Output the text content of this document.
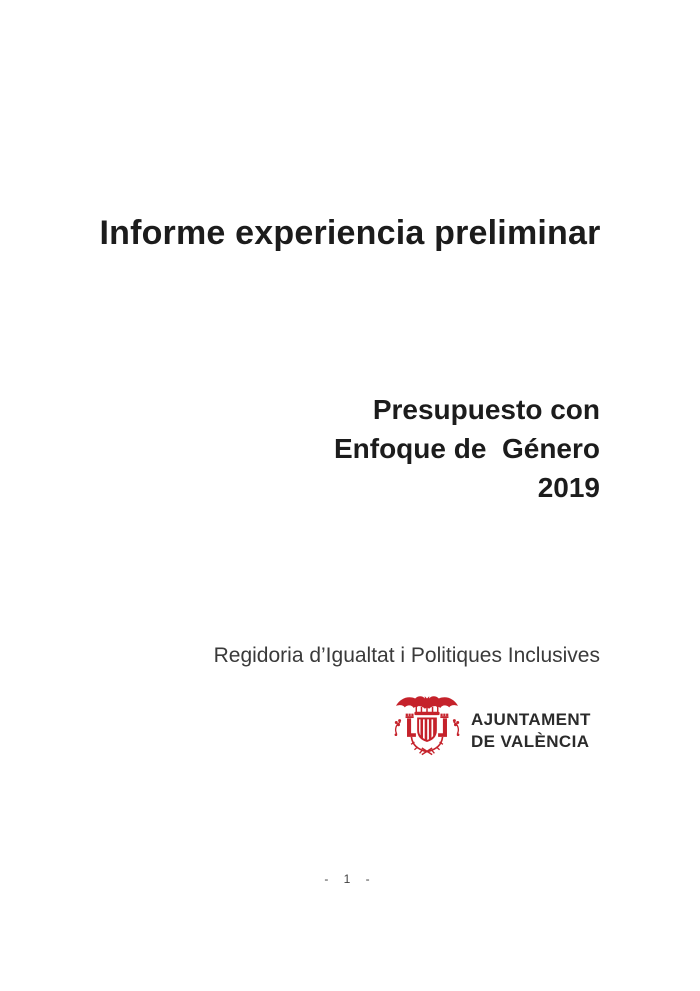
Informe experiencia preliminar
Presupuesto con
Enfoque de  Género
2019
Regidoria d’Igualtat i Politiques Inclusives
AJUNTAMENT
DE VALÈNCIA
- 1 -
